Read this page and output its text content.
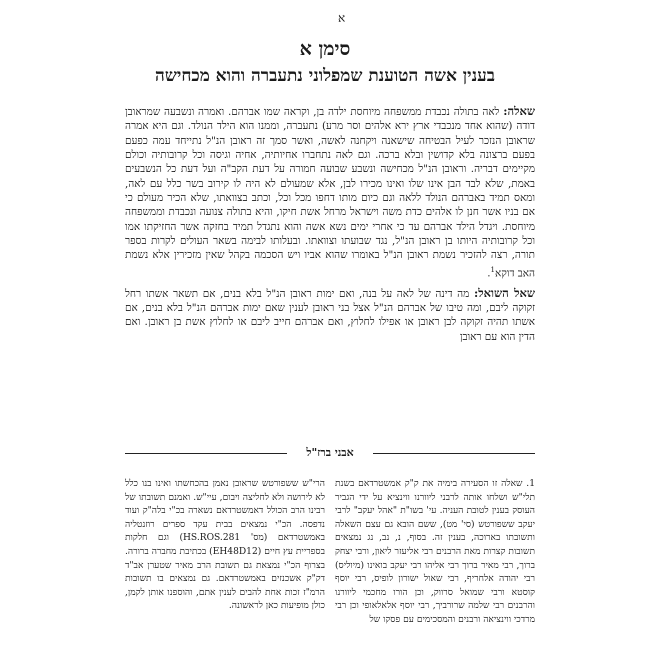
א
סימן א
בענין אשה הטוענת שמפלוני נתעברה והוא מכחישה

שאלה: לאה בתולה נכבדת ממשפחה מיוחסת ילדה בן, וקראה שמו אברהם. ואמרה ונשבעה שמראובן דודה (שהוא אחד מנכבדי ארץ ירא אלהים וסר מרע) נתעברה, וממנו הוא הילד הנולד. וגם היא אמרה שראובן הנזכר לעיל הבטיחה שישאנה ויקחנה לאשה, ואשר סמך זה ראובן הנ"ל נתייחד עמה כפעם בפעם ברצונה בלא קדושין ובלא ברכה. וגם לאה נתחברו אחיותיה, אחיה וגיסה וכל קרובותיה וכולם מקיימים דבריה. וראובן הנ"ל מכחישה ונשבע שבועה חמורה על דעת הקב"ה ועל דעת כל הנשבעים באמת, שלא לבד הבן אינו שלו ואינו מכירו לבן, אלא שמעולם לא היה לו קירוב בשר כלל עם לאה, ומאס תמיד באברהם הנולד ללאה וגם כיום מותו דחפו מכל וכל, וכתב בצוואתו, שלא הכיר מעולם כי אם בניו אשר חנן לו אלהים כדת משה וישראל מרחל אשת חיקו, והיא בתולה צנועה ונכבדת וממשפחה מיוחסת. ויגדל הילד אברהם עד כי אחרי ימים נשא אשה והוא נתגדל תמיד בחזקה אשר החזיקתו אמו וכל קרובותיה היותו בן ראובן הנ"ל, נגד שבועתו וצוואתו. ובעלותו לבימה בשאר העולים לקרות בספר תורה, רצה להזכיר נשמת ראובן הנ"ל באומרו שהוא אביו ויש הסכמה בקהל שאין מזכירין אלא נשמת האב דוקא$^1$.

שאל השואל: מה דינה של לאה על בנה, ואם ימות ראובן הנ"ל בלא בנים, אם תשאר אשתו רחל זקוקה ליבם, ומה טיבו של אברהם הנ"ל אצל בני ראובן לענין שאם ימות אברהם הנ"ל בלא בנים, אם אשתו תהיה זקוקה לבן ראובן או אפילו לחלוץ, ואם אברהם חייב ליבם או לחלוץ אשת בן ראובן. ואם הדין הוא עם ראובן

אבני ברז"ל

1. שאלה זו הסעירה בימיה את ק"ק אמשטרדאם בשנת תלי"ש ושלחו אותה לרבני ליוורנו ווינציא על ידי הגביר העוסק בענין לטובת העניה. עי' בשו"ת "אהל יעקב" לרבי יעקב ששפורטש (סי' מט), ששם הובא גם עצם השאלה ותשובתו בארוכה, בענין זה. בסוף, נ, נב, נג נמצאים תשובות קצרות מאת הרבנים רבי אליעזר ליאון, ורבי יצחק ברוך, רבי מאיר ברוך רבי אליהו רבי יעקב בואינו (מיוליס) רבי יהודה אלחריף, רבי שאול ישורון לופיס, רבי יוסף קוסטא ורבי שמואל סרווק, וכן הורו מחכמי ליוורנו והרבנים רבי שלמה שרורביך, רבי יוסף אלאלאופי וכן רבי מרדכי ווינציאה ורבנים והמסכימים עם פסקו של

הרי"ש ששפורטש שראובן נאמן בהכחשתו ואינו בנו כלל לא לירושה ולא לחליצה ויבום, עיי"ש. ואמנם תשובתו של רבינו הרב הכולל דאמשטרדאם נשארה בכ"י בלה"ק ועוד נדפסה. הכ"י נמצאים בבית עקד ספרים רוזנטליה באמשטרדאם (מס' HS.ROS.281) וגם חלקות בספריית עץ חיים (EH48D12) בכתיבת מחברה ברורה. בצרוף הכ"י נמצאת גם תשובת הרב מאיר שטערן אב"ד דק"ק אשכנזים באמשטרדאם. גם נמצאים בו תשובות הרמ"ז זכות אחת להבים לענין אתם, והוספנו אותן לקמן, כולן מופיעות כאן לראשונה.
